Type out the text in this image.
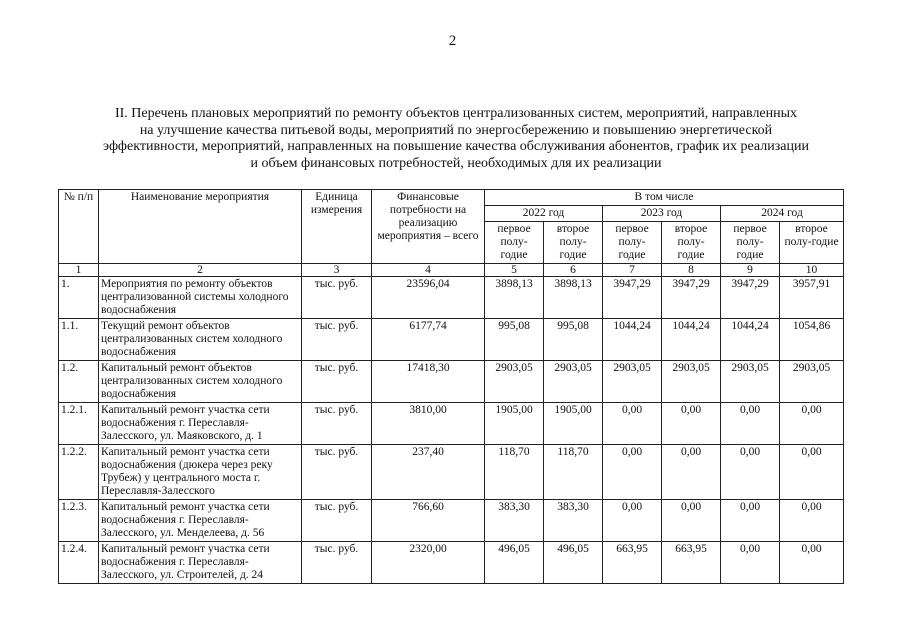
2
II. Перечень плановых мероприятий по ремонту объектов централизованных систем, мероприятий, направленных
на улучшение качества питьевой воды, мероприятий по энергосбережению и повышению энергетической
эффективности, мероприятий, направленных на повышение качества обслуживания абонентов, график их реализации
и объем финансовых потребностей, необходимых для их реализации
№ п/п	Наименование мероприятия	Единица измерения	Финансовые потребности на реализацию мероприятия – всего	В том числе					
				2022 год		2023 год		2024 год	
				первое полу-годие	второе полу-годие	первое полу-годие	второе полу-годие	первое полу-годие	второе полу-годие
1	2	3	4	5	6	7	8	9	10
1.	Мероприятия по ремонту объектов централизованной системы холодного водоснабжения	тыс. руб.	23596,04	3898,13	3898,13	3947,29	3947,29	3947,29	3957,91
1.1.	Текущий ремонт объектов централизованных систем холодного водоснабжения	тыс. руб.	6177,74	995,08	995,08	1044,24	1044,24	1044,24	1054,86
1.2.	Капитальный ремонт объектов централизованных систем холодного водоснабжения	тыс. руб.	17418,30	2903,05	2903,05	2903,05	2903,05	2903,05	2903,05
1.2.1.	Капитальный ремонт участка сети водоснабжения г. Переславля-Залесского, ул. Маяковского, д. 1	тыс. руб.	3810,00	1905,00	1905,00	0,00	0,00	0,00	0,00
1.2.2.	Капитальный ремонт участка сети водоснабжения (дюкера через реку Трубеж) у центрального моста г. Переславля-Залесского	тыс. руб.	237,40	118,70	118,70	0,00	0,00	0,00	0,00
1.2.3.	Капитальный ремонт участка сети водоснабжения г. Переславля-Залесского, ул. Менделеева, д. 56	тыс. руб.	766,60	383,30	383,30	0,00	0,00	0,00	0,00
1.2.4.	Капитальный ремонт участка сети водоснабжения г. Переславля-Залесского, ул. Строителей, д. 24	тыс. руб.	2320,00	496,05	496,05	663,95	663,95	0,00	0,00
